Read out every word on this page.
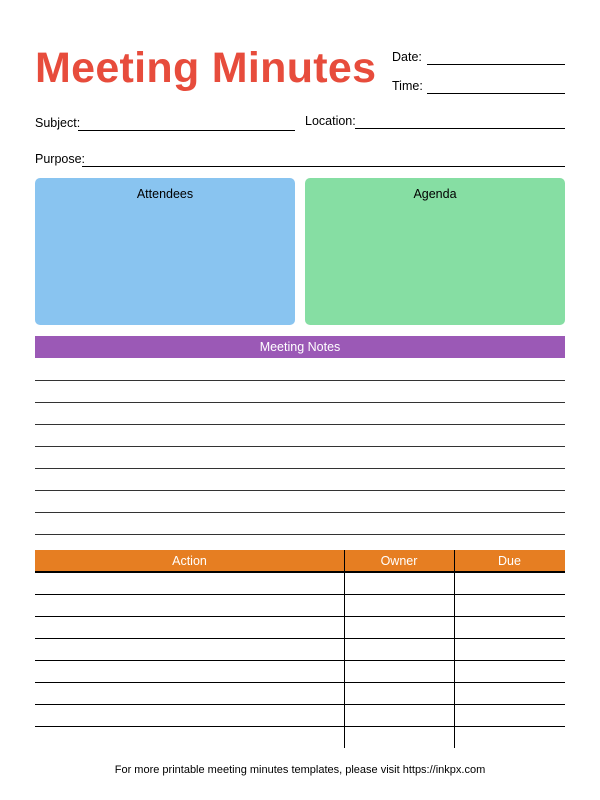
Meeting Minutes Date:
Time:
Subject:	Location:
Purpose:
Attendees	Agenda
Meeting Notes
Action	Owner	Due
For more printable meeting minutes templates, please visit https://inkpx.com
